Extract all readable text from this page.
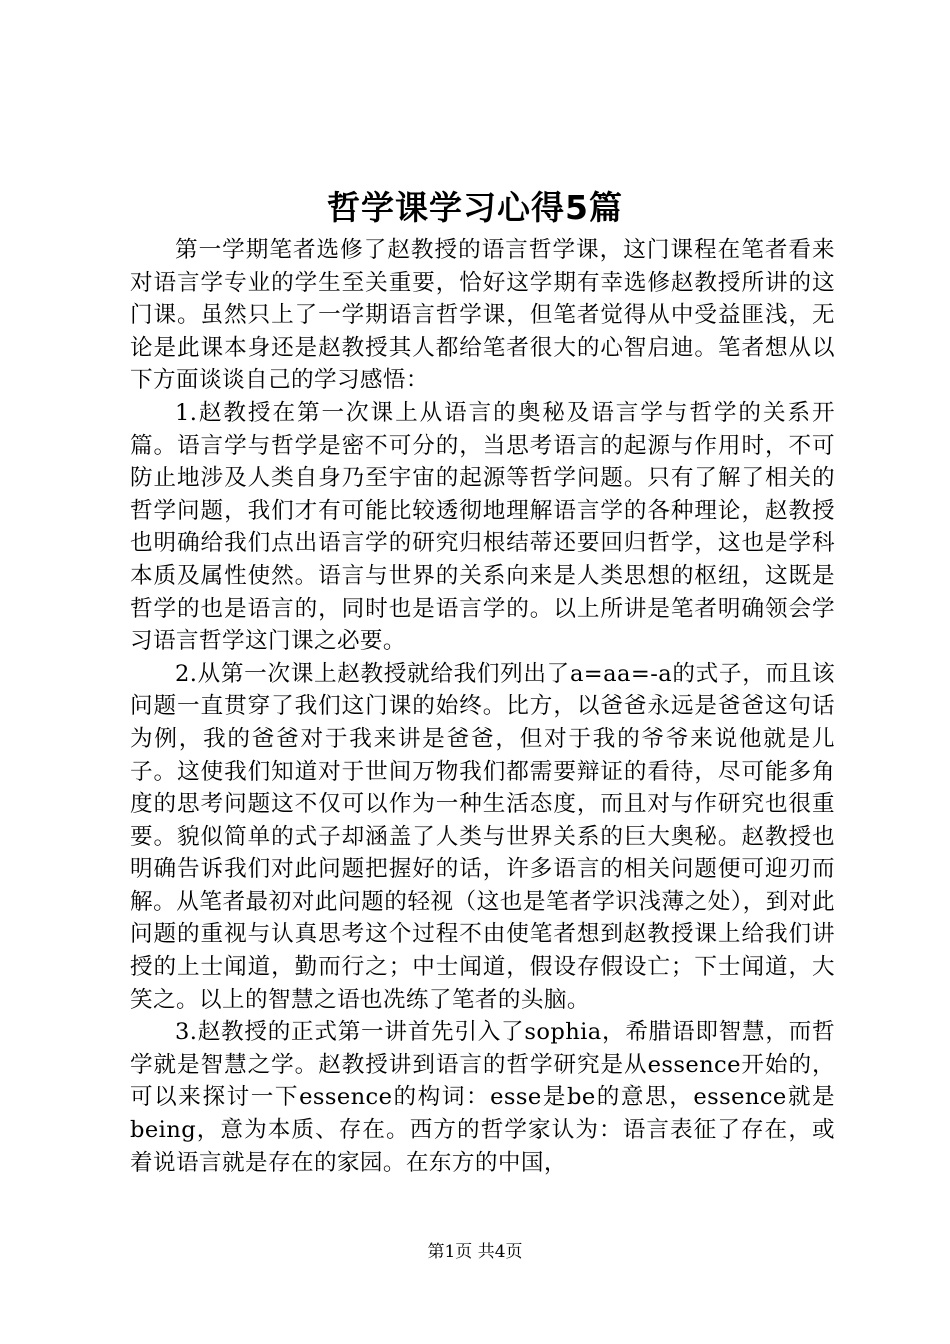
哲学课学习心得5篇

第一学期笔者选修了赵教授的语言哲学课，这门课程在笔者看来对语言学专业的学生至关重要，恰好这学期有幸选修赵教授所讲的这门课。虽然只上了一学期语言哲学课，但笔者觉得从中受益匪浅，无论是此课本身还是赵教授其人都给笔者很大的心智启迪。笔者想从以下方面谈谈自己的学习感悟：

1.赵教授在第一次课上从语言的奥秘及语言学与哲学的关系开篇。语言学与哲学是密不可分的，当思考语言的起源与作用时，不可防止地涉及人类自身乃至宇宙的起源等哲学问题。只有了解了相关的哲学问题，我们才有可能比较透彻地理解语言学的各种理论，赵教授也明确给我们点出语言学的研究归根结蒂还要回归哲学，这也是学科本质及属性使然。语言与世界的关系向来是人类思想的枢纽，这既是哲学的也是语言的，同时也是语言学的。以上所讲是笔者明确领会学习语言哲学这门课之必要。

2.从第一次课上赵教授就给我们列出了a=aa=-a的式子，而且该问题一直贯穿了我们这门课的始终。比方，以爸爸永远是爸爸这句话为例，我的爸爸对于我来讲是爸爸，但对于我的爷爷来说他就是儿子。这使我们知道对于世间万物我们都需要辩证的看待，尽可能多角度的思考问题这不仅可以作为一种生活态度，而且对与作研究也很重要。貌似简单的式子却涵盖了人类与世界关系的巨大奥秘。赵教授也明确告诉我们对此问题把握好的话，许多语言的相关问题便可迎刃而解。从笔者最初对此问题的轻视（这也是笔者学识浅薄之处），到对此问题的重视与认真思考这个过程不由使笔者想到赵教授课上给我们讲授的上士闻道，勤而行之；中士闻道，假设存假设亡；下士闻道，大笑之。以上的智慧之语也冼练了笔者的头脑。

3.赵教授的正式第一讲首先引入了sophia，希腊语即智慧，而哲学就是智慧之学。赵教授讲到语言的哲学研究是从essence开始的，可以来探讨一下essence的构词：esse是be的意思，essence就是being，意为本质、存在。西方的哲学家认为：语言表征了存在，或着说语言就是存在的家园。在东方的中国，

第1页 共4页
